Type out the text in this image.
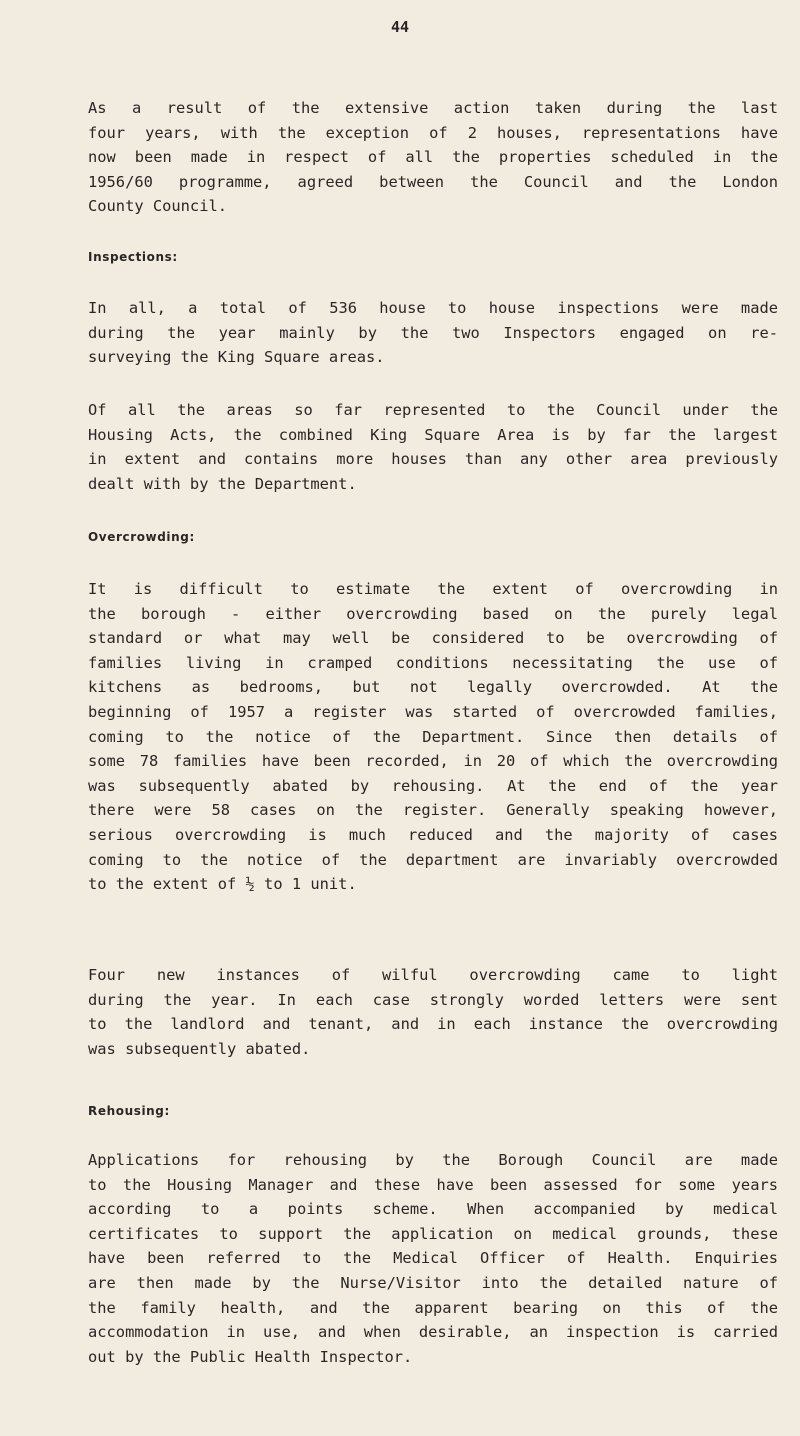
44
As a result of the extensive action taken during the last
four years, with the exception of 2 houses, representations have
now been made in respect of all the properties scheduled in the
1956/60 programme, agreed between the Council and the London
County Council.
Inspections:
In all, a total of 536 house to house inspections were made
during the year mainly by the two Inspectors engaged on re-
surveying the King Square areas.
Of all the areas so far represented to the Council under the
Housing Acts, the combined King Square Area is by far the largest
in extent and contains more houses than any other area previously
dealt with by the Department.
Overcrowding:
It is difficult to estimate the extent of overcrowding in
the borough - either overcrowding based on the purely legal
standard or what may well be considered to be overcrowding of
families living in cramped conditions necessitating the use of
kitchens as bedrooms, but not legally overcrowded. At the
beginning of 1957 a register was started of overcrowded families,
coming to the notice of the Department. Since then details of
some 78 families have been recorded, in 20 of which the overcrowding
was subsequently abated by rehousing. At the end of the year
there were 58 cases on the register. Generally speaking however,
serious overcrowding is much reduced and the majority of cases
coming to the notice of the department are invariably overcrowded
to the extent of ½ to 1 unit.
Four new instances of wilful overcrowding came to light
during the year. In each case strongly worded letters were sent
to the landlord and tenant, and in each instance the overcrowding
was subsequently abated.
Rehousing:
Applications for rehousing by the Borough Council are made
to the Housing Manager and these have been assessed for some years
according to a points scheme. When accompanied by medical
certificates to support the application on medical grounds, these
have been referred to the Medical Officer of Health. Enquiries
are then made by the Nurse/Visitor into the detailed nature of
the family health, and the apparent bearing on this of the
accommodation in use, and when desirable, an inspection is carried
out by the Public Health Inspector.
